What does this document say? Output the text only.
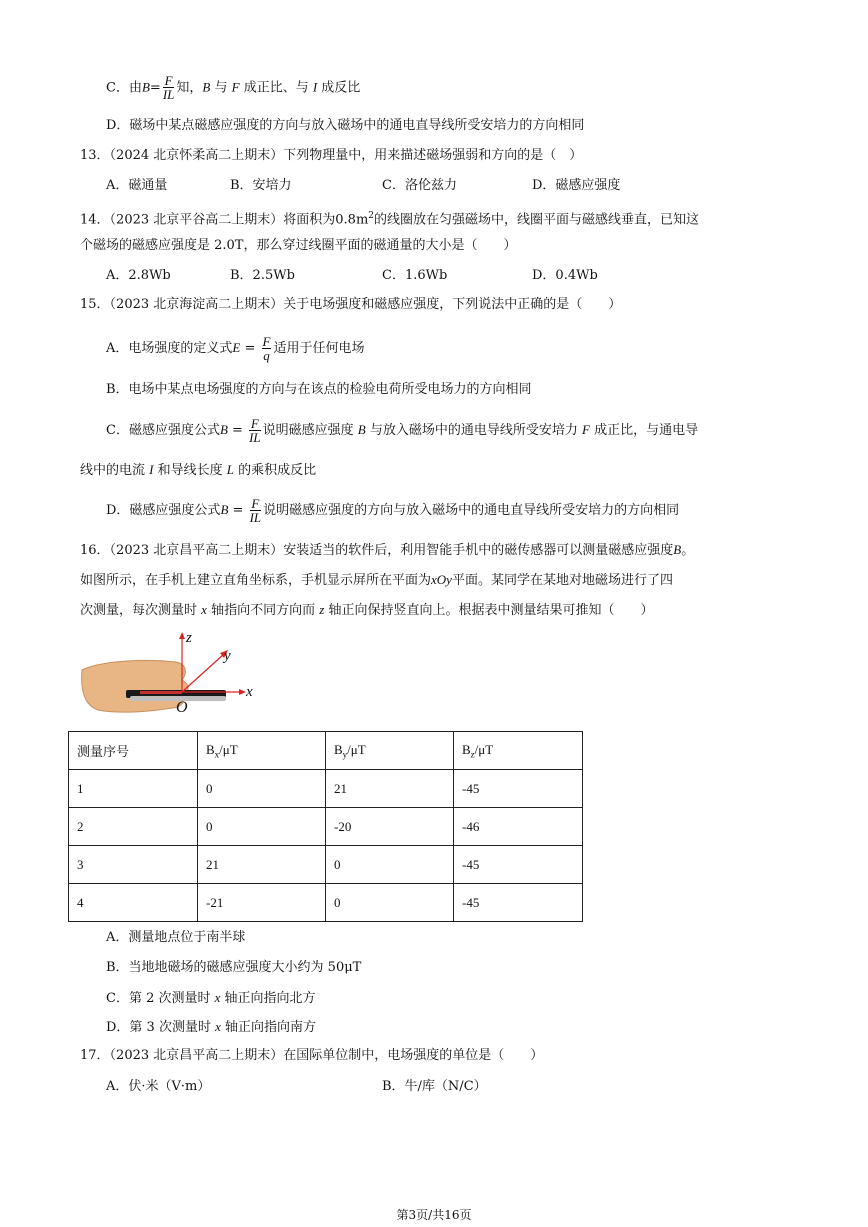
C．由$B= \frac{F}{IL}$ 知，B 与 F 成正比、与 I 成反比
D．磁场中某点磁感应强度的方向与放入磁场中的通电直导线所受安培力的方向相同
13．（2024 北京怀柔高二上期末）下列物理量中，用来描述磁场强弱和方向的是（　）
A．磁通量	B．安培力	C．洛伦兹力	D．磁感应强度
14．（2023 北京平谷高二上期末）将面积为$0.8m^2$的线圈放在匀强磁场中，线圈平面与磁感线垂直，已知这
个磁场的磁感应强度是 2.0T，那么穿过线圈平面的磁通量的大小是（　　）
A．2.8Wb	B．2.5Wb	C．1.6Wb	D．0.4Wb
15．（2023 北京海淀高二上期末）关于电场强度和磁感应强度，下列说法中正确的是（　　）
A．电场强度的定义式$E = \frac{F}{q}$ 适用于任何电场
B．电场中某点电场强度的方向与在该点的检验电荷所受电场力的方向相同
C．磁感应强度公式$B = \frac{F}{IL}$ 说明磁感应强度 B 与放入磁场中的通电导线所受安培力 F 成正比，与通电导
线中的电流 I 和导线长度 L 的乘积成反比
D．磁感应强度公式$B = \frac{F}{IL}$ 说明磁感应强度的方向与放入磁场中的通电直导线所受安培力的方向相同
16．（2023 北京昌平高二上期末）安装适当的软件后，利用智能手机中的磁传感器可以测量磁感应强度B。
如图所示，在手机上建立直角坐标系，手机显示屏所在平面为xOy平面。某同学在某地对地磁场进行了四
次测量，每次测量时 x 轴指向不同方向而 z 轴正向保持竖直向上。根据表中测量结果可推知（　　）
z
y
x
O
测量序号	$B_x/\mu T$	$B_y/\mu T$	$B_z/\mu T$
1	0	21	-45
2	0	-20	-46
3	21	0	-45
4	-21	0	-45
A．测量地点位于南半球
B．当地地磁场的磁感应强度大小约为 50μT
C．第 2 次测量时 x 轴正向指向北方
D．第 3 次测量时 x 轴正向指向南方
17．（2023 北京昌平高二上期末）在国际单位制中，电场强度的单位是（　　）
A．伏·米（V·m）	B．牛/库（N/C）
第3页/共16页
